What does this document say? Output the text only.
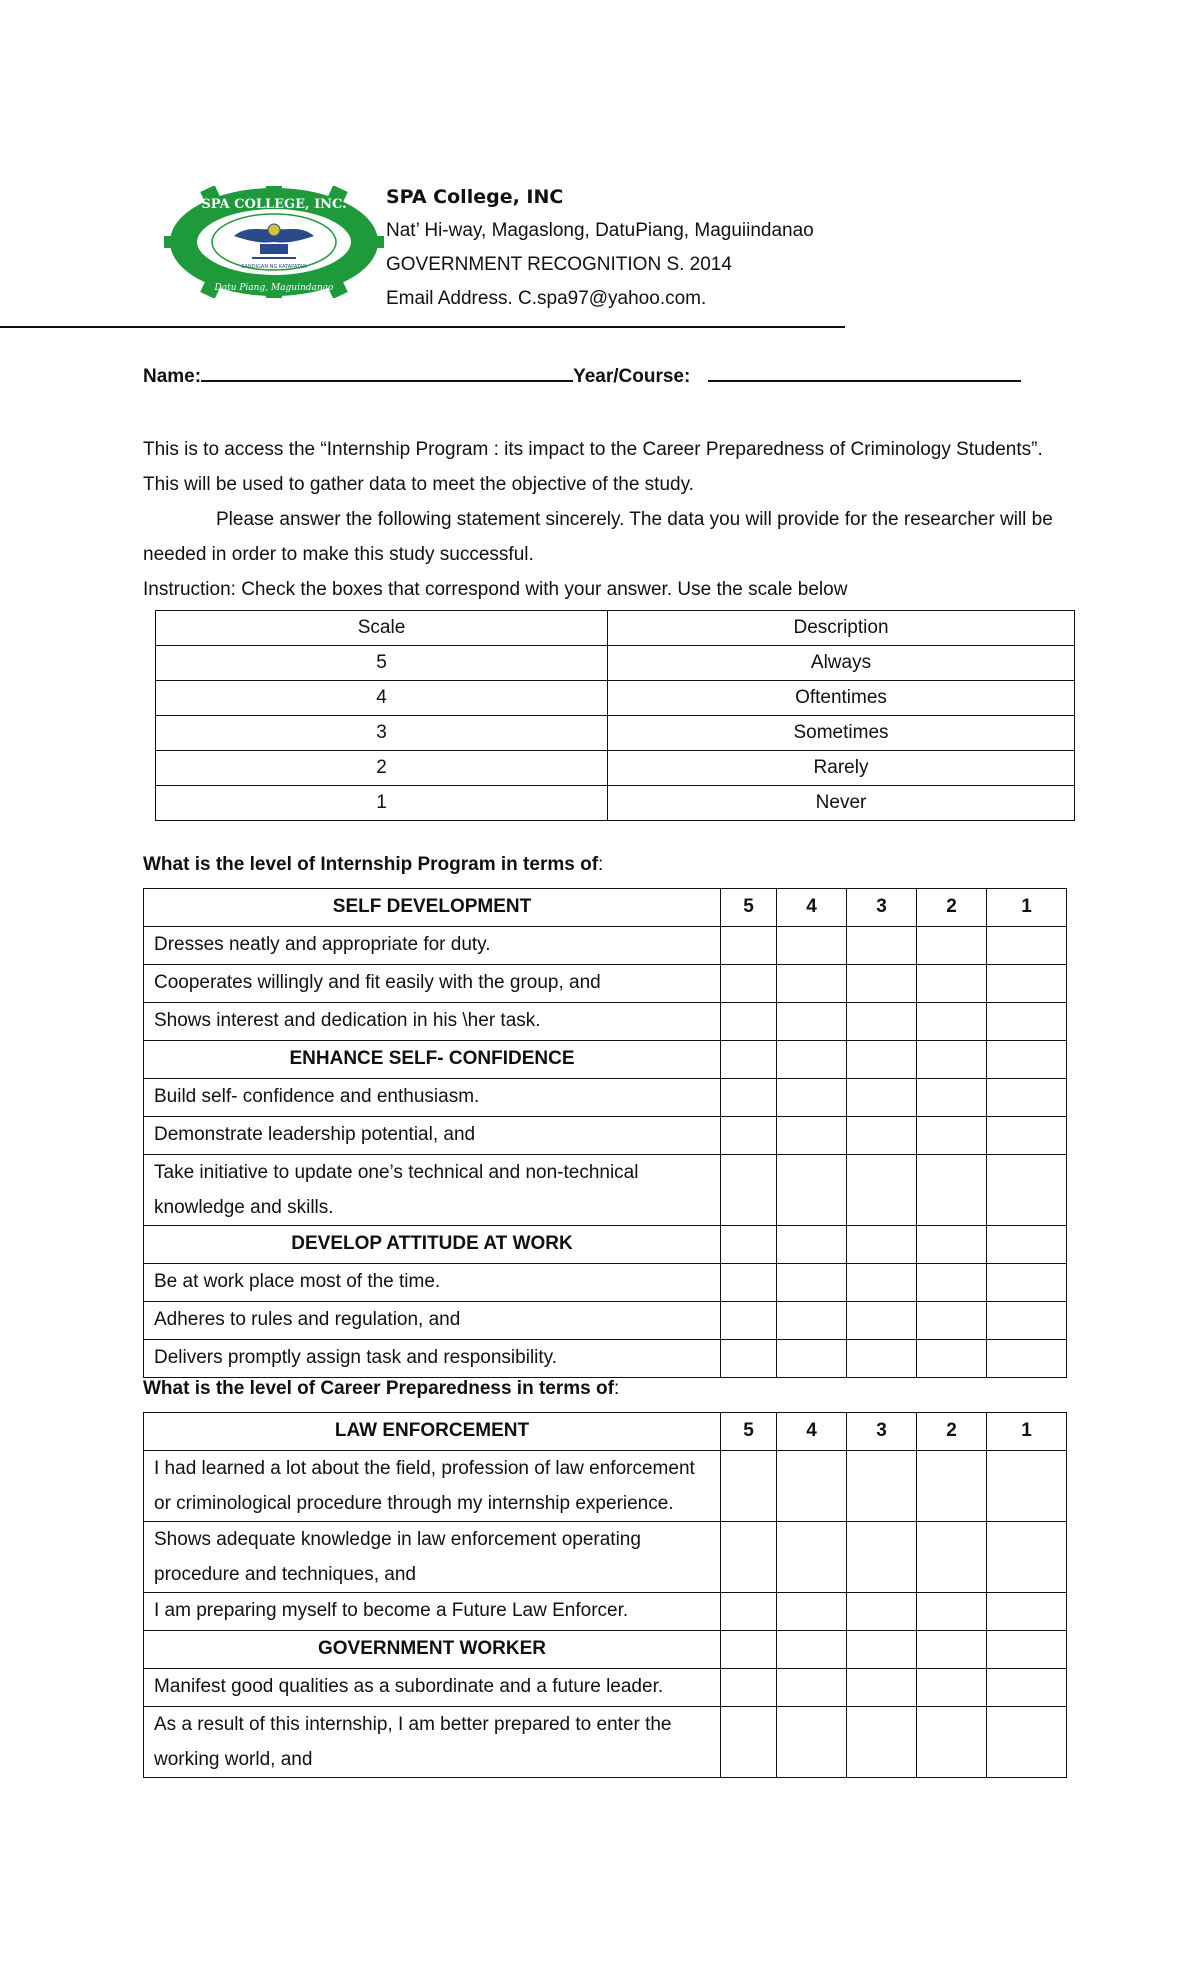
SPA COLLEGE, INC.
Datu Piang, Maguindanao
SANDIGAN NG KATAPATAN
SPA College, INC
Nat’ Hi-way, Magaslong, DatuPiang, Maguiindanao
GOVERNMENT RECOGNITION S. 2014
Email Address. C.spa97@yahoo.com.
Name:	Year/Course:

This is to access the “Internship Program : its impact to the Career Preparedness of Criminology Students”. This will be used to gather data to meet the objective of the study.

Please answer the following statement sincerely. The data you will provide for the researcher will be needed in order to make this study successful.

Instruction: Check the boxes that correspond with your answer. Use the scale below

Scale	Description
5	Always
4	Oftentimes
3	Sometimes
2	Rarely
1	Never
What is the level of Internship Program in terms of:
SELF DEVELOPMENT	5	4	3	2	1
Dresses neatly and appropriate for duty.					
Cooperates willingly and fit easily with the group, and					
Shows interest and dedication in his \her task.					
ENHANCE SELF- CONFIDENCE					
Build self- confidence and enthusiasm.					
Demonstrate leadership potential, and					
Take initiative to update one’s technical and non-technical knowledge and skills.					
DEVELOP ATTITUDE AT WORK					
Be at work place most of the time.					
Adheres to rules and regulation, and					
Delivers promptly assign task and responsibility.					
What is the level of Career Preparedness in terms of:
LAW ENFORCEMENT	5	4	3	2	1
I had learned a lot about the field, profession of law enforcement or criminological procedure through my internship experience.					
Shows adequate knowledge in law enforcement operating procedure and techniques, and					
I am preparing myself to become a Future Law Enforcer.					
GOVERNMENT WORKER					
Manifest good qualities as a subordinate and a future leader.					
As a result of this internship, I am better prepared to enter the working world, and					
